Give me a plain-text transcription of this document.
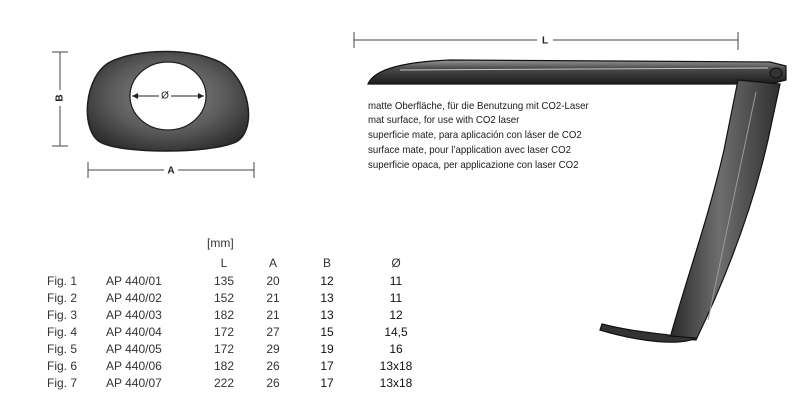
B	Ø
A
L
matte Oberfläche, für die Benutzung mit CO2-Laser
mat surface, for use with CO2 laser
superficie mate, para aplicación con láser de CO2
surface mate, pour l’application avec laser CO2
superficie opaca, per applicazione con laser CO2
[mm]
L	A	B	Ø
Fig. 1 AP 440/01	135	20	12	11
Fig. 2 AP 440/02	152	21	13	11
Fig. 3 AP 440/03	182	21	13	12
Fig. 4 AP 440/04	172	27	15	14,5
Fig. 5 AP 440/05	172	29	19	16
Fig. 6 AP 440/06	182	26	17	13x18
Fig. 7 AP 440/07	222	26	17	13x18
